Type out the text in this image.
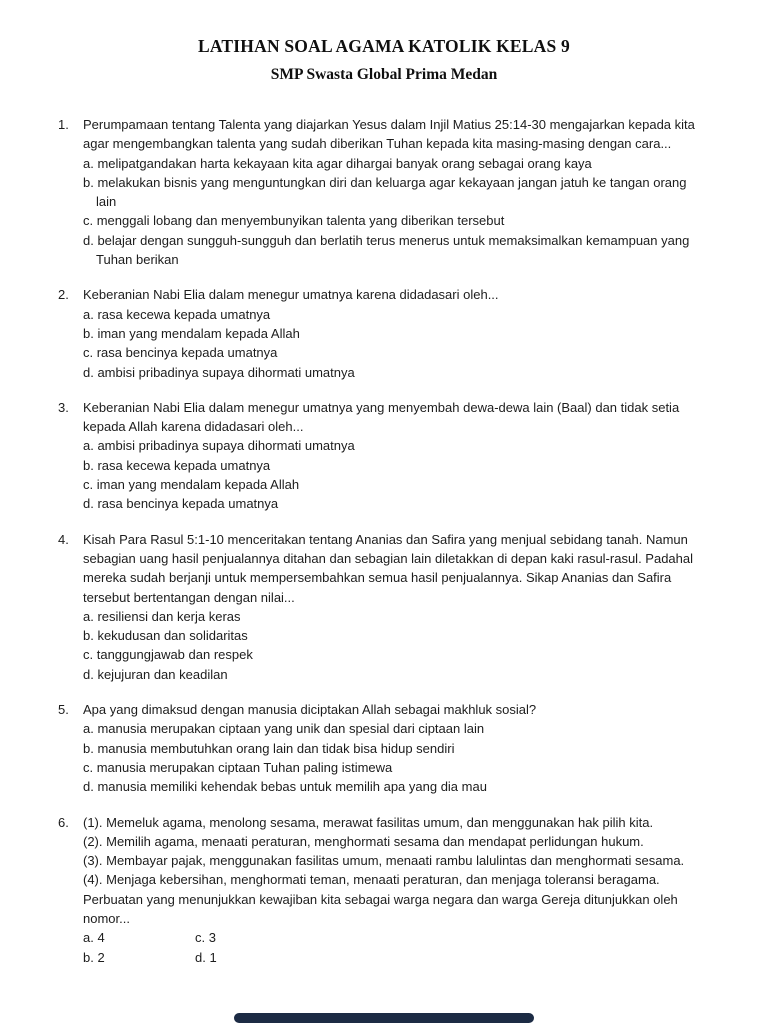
LATIHAN SOAL AGAMA KATOLIK KELAS 9
SMP Swasta Global Prima Medan
1.	Perumpamaan tentang Talenta yang diajarkan Yesus dalam Injil Matius 25:14-30 mengajarkan kepada kita agar mengembangkan talenta yang sudah diberikan Tuhan kepada kita masing-masing dengan cara...
a. melipatgandakan harta kekayaan kita agar dihargai banyak orang sebagai orang kaya
b. melakukan bisnis yang menguntungkan diri dan keluarga agar kekayaan jangan jatuh ke tangan orang lain
c. menggali lobang dan menyembunyikan talenta yang diberikan tersebut
d. belajar dengan sungguh-sungguh dan berlatih terus menerus untuk memaksimalkan kemampuan yang Tuhan berikan
2.	Keberanian Nabi Elia dalam menegur umatnya karena didadasari oleh...
a. rasa kecewa kepada umatnya
b. iman yang mendalam kepada Allah
c. rasa bencinya kepada umatnya
d. ambisi pribadinya supaya dihormati umatnya
3.	Keberanian Nabi Elia dalam menegur umatnya yang menyembah dewa-dewa lain (Baal) dan tidak setia kepada Allah karena didadasari oleh...
a. ambisi pribadinya supaya dihormati umatnya
b. rasa kecewa kepada umatnya
c. iman yang mendalam kepada Allah
d. rasa bencinya kepada umatnya
4.	Kisah Para Rasul 5:1-10 menceritakan tentang Ananias dan Safira yang menjual sebidang tanah. Namun sebagian uang hasil penjualannya ditahan dan sebagian lain diletakkan di depan kaki rasul-rasul. Padahal mereka sudah berjanji untuk mempersembahkan semua hasil penjualannya. Sikap Ananias dan Safira tersebut bertentangan dengan nilai...
a. resiliensi dan kerja keras
b. kekudusan dan solidaritas
c. tanggungjawab dan respek
d. kejujuran dan keadilan
5.	Apa yang dimaksud dengan manusia diciptakan Allah sebagai makhluk sosial?
a. manusia merupakan ciptaan yang unik dan spesial dari ciptaan lain
b. manusia membutuhkan orang lain dan tidak bisa hidup sendiri
c. manusia merupakan ciptaan Tuhan paling istimewa
d. manusia memiliki kehendak bebas untuk memilih apa yang dia mau
6.	(1). Memeluk agama, menolong sesama, merawat fasilitas umum, dan menggunakan hak pilih kita.
(2). Memilih agama, menaati peraturan, menghormati sesama dan mendapat perlidungan hukum.
(3). Membayar pajak, menggunakan fasilitas umum, menaati rambu lalulintas dan menghormati sesama.
(4). Menjaga kebersihan, menghormati teman, menaati peraturan, dan menjaga toleransi beragama.
Perbuatan yang menunjukkan kewajiban kita sebagai warga negara dan warga Gereja ditunjukkan oleh nomor...
a. 4	c. 3
b. 2	d. 1
